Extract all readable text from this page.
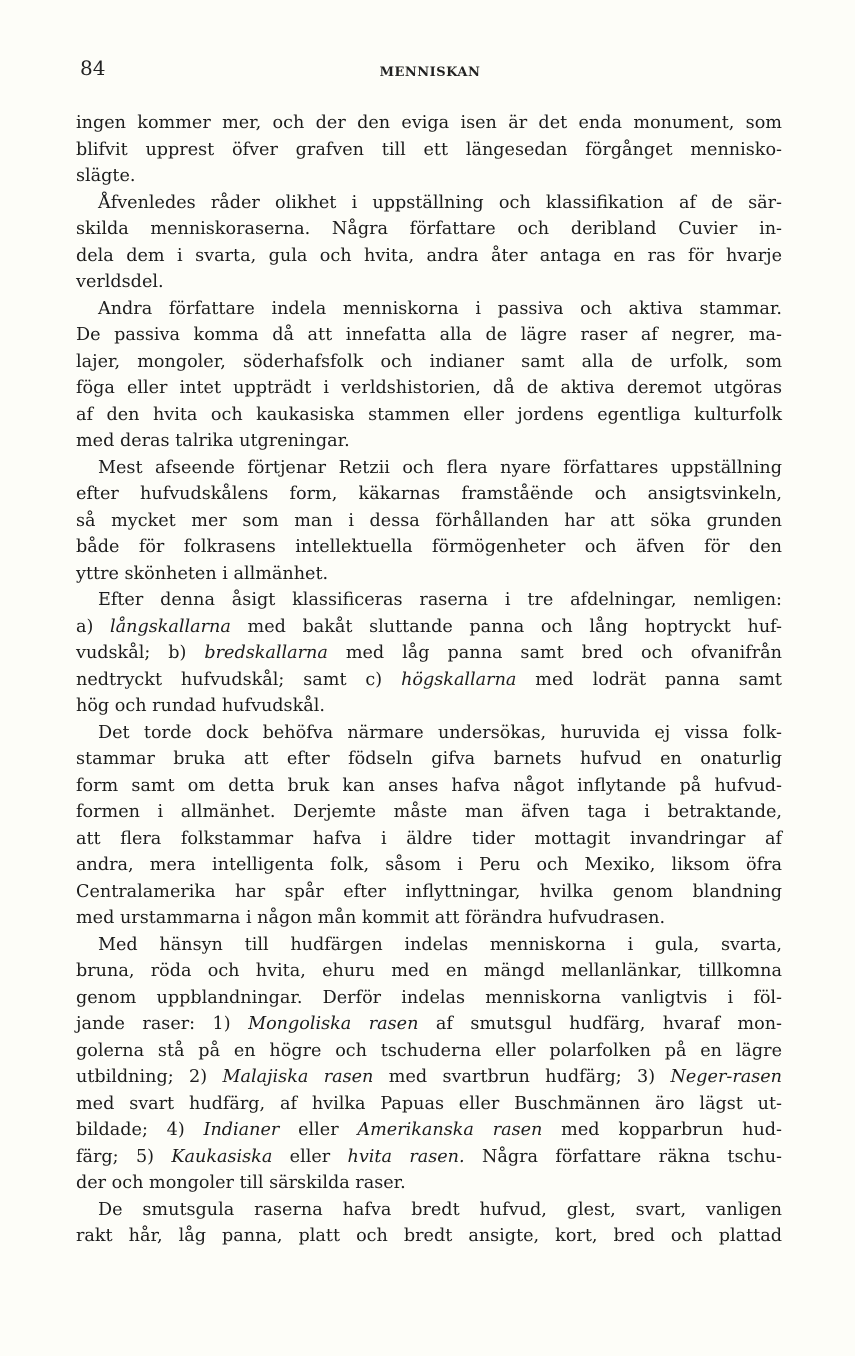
84	MENNISKAN
ingen kommer mer, och der den eviga isen är det enda monument, som
blifvit upprest öfver grafven till ett längesedan förgånget mennisko-
slägte.
Åfvenledes råder olikhet i uppställning och klassifikation af de sär-
skilda menniskoraserna. Några författare och deribland Cuvier in-
dela dem i svarta, gula och hvita, andra åter antaga en ras för hvarje
verldsdel.
Andra författare indela menniskorna i passiva och aktiva stammar.
De passiva komma då att innefatta alla de lägre raser af negrer, ma-
lajer, mongoler, söderhafsfolk och indianer samt alla de urfolk, som
föga eller intet uppträdt i verldshistorien, då de aktiva deremot utgöras
af den hvita och kaukasiska stammen eller jordens egentliga kulturfolk
med deras talrika utgreningar.
Mest afseende förtjenar Retzii och flera nyare författares uppställning
efter hufvudskålens form, käkarnas framståënde och ansigtsvinkeln,
så mycket mer som man i dessa förhållanden har att söka grunden
både för folkrasens intellektuella förmögenheter och äfven för den
yttre skönheten i allmänhet.
Efter denna åsigt klassificeras raserna i tre afdelningar, nemligen:
a) långskallarna med bakåt sluttande panna och lång hoptryckt huf-
vudskål; b) bredskallarna med låg panna samt bred och ofvanifrån
nedtryckt hufvudskål; samt c) högskallarna med lodrät panna samt
hög och rundad hufvudskål.
Det torde dock behöfva närmare undersökas, huruvida ej vissa folk-
stammar bruka att efter födseln gifva barnets hufvud en onaturlig
form samt om detta bruk kan anses hafva något inflytande på hufvud-
formen i allmänhet. Derjemte måste man äfven taga i betraktande,
att flera folkstammar hafva i äldre tider mottagit invandringar af
andra, mera intelligenta folk, såsom i Peru och Mexiko, liksom öfra
Centralamerika har spår efter inflyttningar, hvilka genom blandning
med urstammarna i någon mån kommit att förändra hufvudrasen.
Med hänsyn till hudfärgen indelas menniskorna i gula, svarta,
bruna, röda och hvita, ehuru med en mängd mellanlänkar, tillkomna
genom uppblandningar. Derför indelas menniskorna vanligtvis i föl-
jande raser: 1) Mongoliska rasen af smutsgul hudfärg, hvaraf mon-
golerna stå på en högre och tschuderna eller polarfolken på en lägre
utbildning; 2) Malajiska rasen med svartbrun hudfärg; 3) Neger-rasen
med svart hudfärg, af hvilka Papuas eller Buschmännen äro lägst ut-
bildade; 4) Indianer eller Amerikanska rasen med kopparbrun hud-
färg; 5) Kaukasiska eller hvita rasen. Några författare räkna tschu-
der och mongoler till särskilda raser.
De smutsgula raserna hafva bredt hufvud, glest, svart, vanligen
rakt hår, låg panna, platt och bredt ansigte, kort, bred och plattad
